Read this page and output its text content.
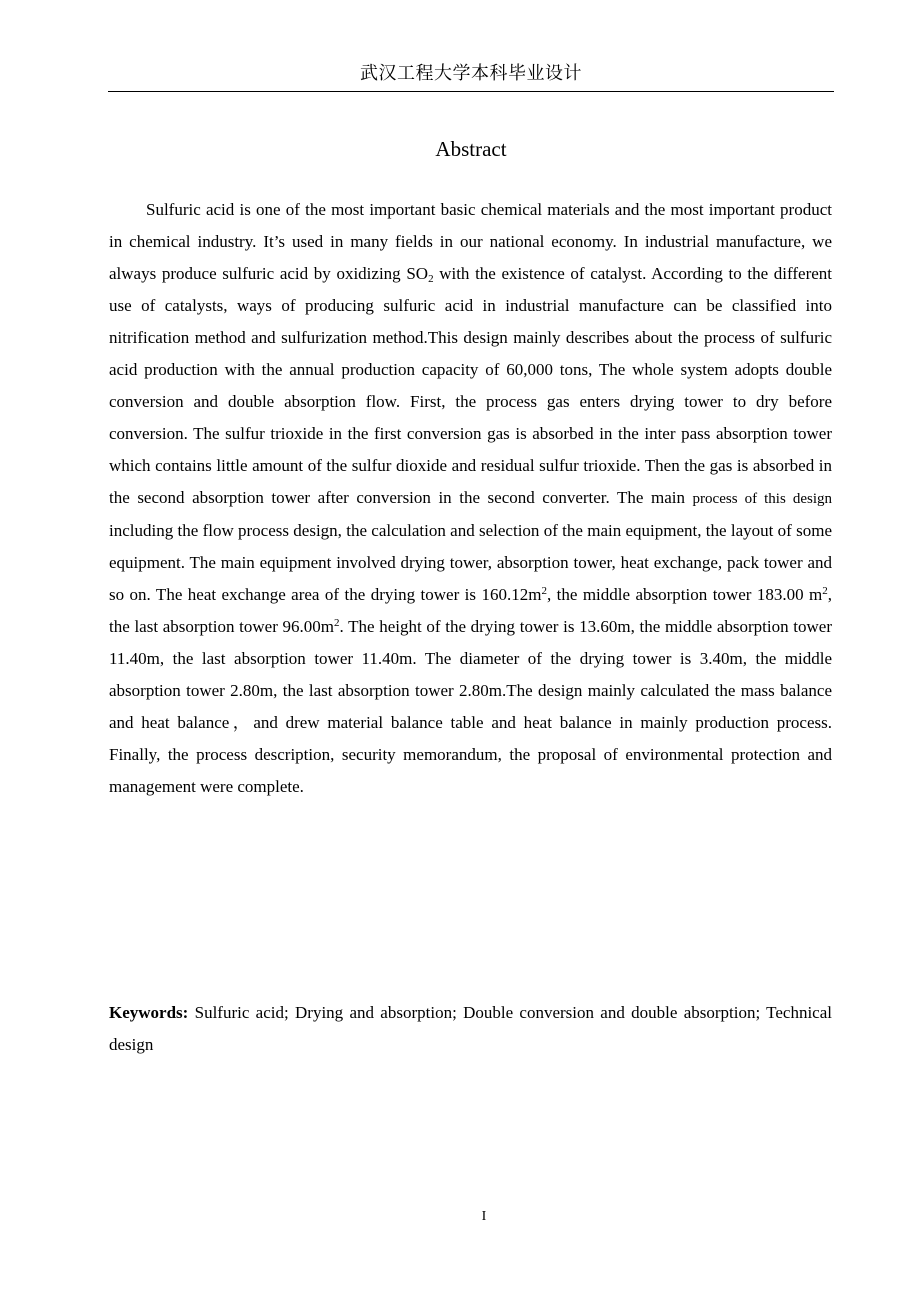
武汉工程大学本科毕业设计
Abstract

Sulfuric acid is one of the most important basic chemical materials and the most important product in chemical industry. It’s used in many fields in our national economy. In industrial manufacture, we always produce sulfuric acid by oxidizing $SO_2$ with the existence of catalyst. According to the different use of catalysts, ways of producing sulfuric acid in industrial manufacture can be classified into nitrification method and sulfurization method.This design mainly describes about the process of sulfuric acid production with the annual production capacity of 60,000 tons, The whole system adopts double conversion and double absorption flow. First, the process gas enters drying tower to dry before conversion. The sulfur trioxide in the first conversion gas is absorbed in the inter pass absorption tower which contains little amount of the sulfur dioxide and residual sulfur trioxide. Then the gas is absorbed in the second absorption tower after conversion in the second converter. The main process of this design including the flow process design, the calculation and selection of the main equipment, the layout of some equipment. The main equipment involved drying tower, absorption tower, heat exchange, pack tower and so on. The heat exchange area of the drying tower is $160.12m^2$, the middle absorption tower 183.00 $m^2$, the last absorption tower $96.00m^2$. The height of the drying tower is 13.60m, the middle absorption tower 11.40m, the last absorption tower 11.40m. The diameter of the drying tower is 3.40m, the middle absorption tower 2.80m, the last absorption tower 2.80m.The design mainly calculated the mass balance and heat balance，and drew material balance table and heat balance in mainly production process. Finally, the process description, security memorandum, the proposal of environmental protection and management were complete.

Keywords: Sulfuric acid; Drying and absorption; Double conversion and double absorption; Technical design

I
